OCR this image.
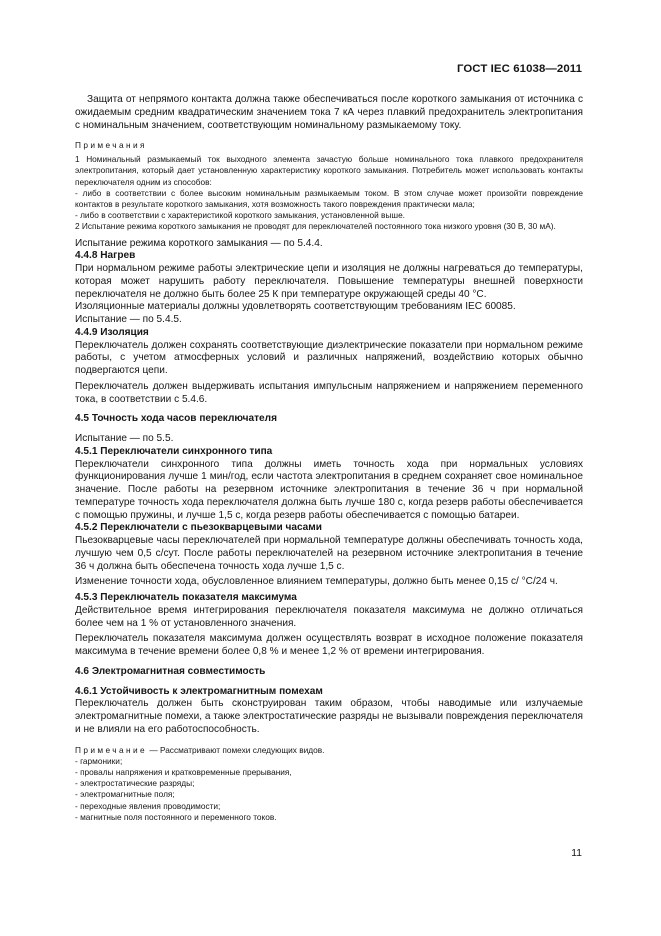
ГОСТ IEC 61038—2011

Защита от непрямого контакта должна также обеспечиваться после короткого замыкания от источника с ожидаемым средним квадратическим значением тока 7 кА через плавкий предохранитель электропитания с номинальным значением, соответствующим номинальному размыкаемому току.

Примечания

1 Номинальный размыкаемый ток выходного элемента зачастую больше номинального тока плавкого предохранителя электропитания, который дает установленную характеристику короткого замыкания. Потребитель может использовать контакты переключателя одним из способов:

- либо в соответствии с более высоким номинальным размыкаемым током. В этом случае может произойти повреждение контактов в результате короткого замыкания, хотя возможность такого повреждения практически мала;

- либо в соответствии с характеристикой короткого замыкания, установленной выше.

2 Испытание режима короткого замыкания не проводят для переключателей постоянного тока низкого уровня (30 В, 30 мА).

Испытание режима короткого замыкания — по 5.4.4.

4.4.8 Нагрев

При нормальном режиме работы электрические цепи и изоляция не должны нагреваться до температуры, которая может нарушить работу переключателя. Повышение температуры внешней поверхности переключателя не должно быть более 25 К при температуре окружающей среды 40 °С.

Изоляционные материалы должны удовлетворять соответствующим требованиям IEC 60085.

Испытание — по 5.4.5.

4.4.9 Изоляция

Переключатель должен сохранять соответствующие диэлектрические показатели при нормальном режиме работы, с учетом атмосферных условий и различных напряжений, воздействию которых обычно подвергаются цепи.

Переключатель должен выдерживать испытания импульсным напряжением и напряжением переменного тока, в соответствии с 5.4.6.

4.5 Точность хода часов переключателя

Испытание — по 5.5.

4.5.1 Переключатели синхронного типа

Переключатели синхронного типа должны иметь точность хода при нормальных условиях функционирования лучше 1 мин/год, если частота электропитания в среднем сохраняет свое номинальное значение. После работы на резервном источнике электропитания в течение 36 ч при нормальной температуре точность хода переключателя должна быть лучше 180 с, когда резерв работы обеспечивается с помощью пружины, и лучше 1,5 с, когда резерв работы обеспечивается с помощью батареи.

4.5.2 Переключатели с пьезокварцевыми часами

Пьезокварцевые часы переключателей при нормальной температуре должны обеспечивать точность хода, лучшую чем 0,5 с/сут. После работы переключателей на резервном источнике электропитания в течение 36 ч должна быть обеспечена точность хода лучше 1,5 с.

Изменение точности хода, обусловленное влиянием температуры, должно быть менее 0,15 с/ °С/24 ч.

4.5.3 Переключатель показателя максимума

Действительное время интегрирования переключателя показателя максимума не должно отличаться более чем на 1 % от установленного значения.

Переключатель показателя максимума должен осуществлять возврат в исходное положение показателя максимума в течение времени более 0,8 % и менее 1,2 % от времени интегрирования.

4.6 Электромагнитная совместимость

4.6.1 Устойчивость к электромагнитным помехам

Переключатель должен быть сконструирован таким образом, чтобы наводимые или излучаемые электромагнитные помехи, а также электростатические разряды не вызывали повреждения переключателя и не влияли на его работоспособность.

Примечание — Рассматривают помехи следующих видов.

- гармоники;

- провалы напряжения и кратковременные прерывания,

- электростатические разряды;

- электромагнитные поля;

- переходные явления проводимости;

- магнитные поля постоянного и переменного токов.

11
